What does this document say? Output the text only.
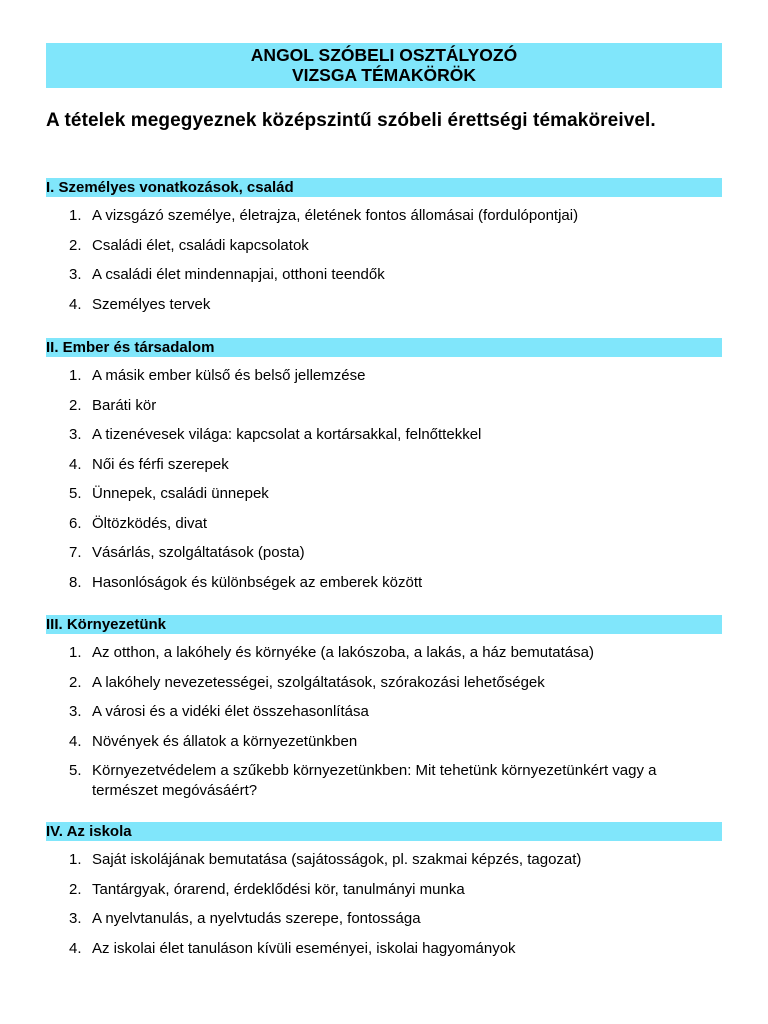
ANGOL SZÓBELI OSZTÁLYOZÓ
VIZSGA TÉMAKÖRÖK
A tételek megegyeznek középszintű szóbeli érettségi témaköreivel.
I. Személyes vonatkozások, család
1. A vizsgázó személye, életrajza, életének fontos állomásai (fordulópontjai)
2. Családi élet, családi kapcsolatok
3. A családi élet mindennapjai, otthoni teendők
4. Személyes tervek
II. Ember és társadalom
1. A másik ember külső és belső jellemzése
2. Baráti kör
3. A tizenévesek világa: kapcsolat a kortársakkal, felnőttekkel
4. Női és férfi szerepek
5. Ünnepek, családi ünnepek
6. Öltözködés, divat
7. Vásárlás, szolgáltatások (posta)
8. Hasonlóságok és különbségek az emberek között
III. Környezetünk
1. Az otthon, a lakóhely és környéke (a lakószoba, a lakás, a ház bemutatása)
2. A lakóhely nevezetességei, szolgáltatások, szórakozási lehetőségek
3. A városi és a vidéki élet összehasonlítása
4. Növények és állatok a környezetünkben
5. Környezetvédelem a szűkebb környezetünkben: Mit tehetünk környezetünkért vagy a természet megóvásáért?
IV. Az iskola
1. Saját iskolájának bemutatása (sajátosságok, pl. szakmai képzés, tagozat)
2. Tantárgyak, órarend, érdeklődési kör, tanulmányi munka
3. A nyelvtanulás, a nyelvtudás szerepe, fontossága
4. Az iskolai élet tanuláson kívüli eseményei, iskolai hagyományok
